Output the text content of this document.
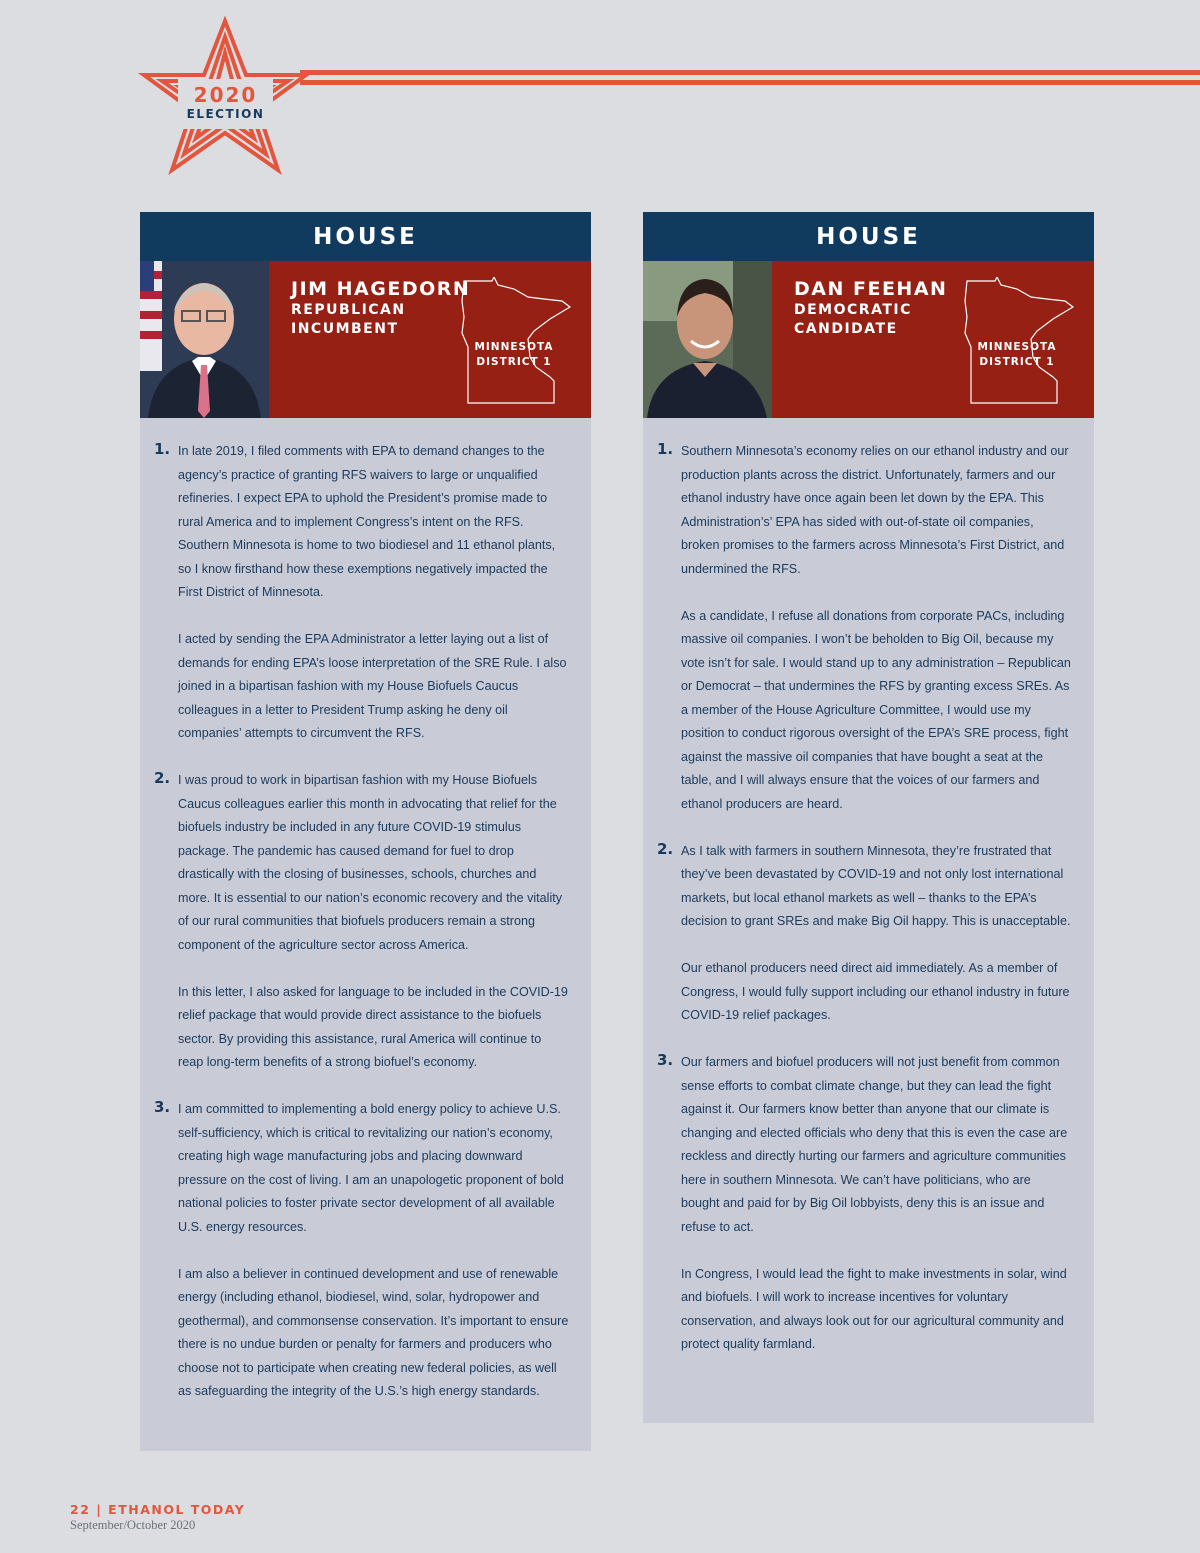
2020
ELECTION
HOUSE
JIM HAGEDORN
REPUBLICAN
INCUMBENT
MINNESOTA
DISTRICT 1
1. In late 2019, I filed comments with EPA to demand changes to the agency’s practice of granting RFS waivers to large or unqualified refineries. I expect EPA to uphold the President’s promise made to rural America and to implement Congress’s intent on the RFS. Southern Minnesota is home to two biodiesel and 11 ethanol plants, so I know firsthand how these exemptions negatively impacted the First District of Minnesota.

I acted by sending the EPA Administrator a letter laying out a list of demands for ending EPA’s loose interpretation of the SRE Rule. I also joined in a bipartisan fashion with my House Biofuels Caucus colleagues in a letter to President Trump asking he deny oil companies’ attempts to circumvent the RFS.

2. I was proud to work in bipartisan fashion with my House Biofuels Caucus colleagues earlier this month in advocating that relief for the biofuels industry be included in any future COVID-19 stimulus package. The pandemic has caused demand for fuel to drop drastically with the closing of businesses, schools, churches and more. It is essential to our nation’s economic recovery and the vitality of our rural communities that biofuels producers remain a strong component of the agriculture sector across America.

In this letter, I also asked for language to be included in the COVID-19 relief package that would provide direct assistance to the biofuels sector. By providing this assistance, rural America will continue to reap long-term benefits of a strong biofuel’s economy.

3. I am committed to implementing a bold energy policy to achieve U.S. self-sufficiency, which is critical to revitalizing our nation’s economy, creating high wage manufacturing jobs and placing downward pressure on the cost of living. I am an unapologetic proponent of bold national policies to foster private sector development of all available U.S. energy resources.

I am also a believer in continued development and use of renewable energy (including ethanol, biodiesel, wind, solar, hydropower and geothermal), and commonsense conservation. It’s important to ensure there is no undue burden or penalty for farmers and producers who choose not to participate when creating new federal policies, as well as safeguarding the integrity of the U.S.’s high energy standards.

HOUSE
DAN FEEHAN
DEMOCRATIC
CANDIDATE
MINNESOTA
DISTRICT 1
1. Southern Minnesota’s economy relies on our ethanol industry and our production plants across the district. Unfortunately, farmers and our ethanol industry have once again been let down by the EPA. This Administration’s’ EPA has sided with out-of-state oil companies, broken promises to the farmers across Minnesota’s First District, and undermined the RFS.

As a candidate, I refuse all donations from corporate PACs, including massive oil companies. I won’t be beholden to Big Oil, because my vote isn’t for sale. I would stand up to any administration – Republican or Democrat – that undermines the RFS by granting excess SREs. As a member of the House Agriculture Committee, I would use my position to conduct rigorous oversight of the EPA’s SRE process, fight against the massive oil companies that have bought a seat at the table, and I will always ensure that the voices of our farmers and ethanol producers are heard.

2. As I talk with farmers in southern Minnesota, they’re frustrated that they’ve been devastated by COVID-19 and not only lost international markets, but local ethanol markets as well – thanks to the EPA’s decision to grant SREs and make Big Oil happy. This is unacceptable.

Our ethanol producers need direct aid immediately. As a member of Congress, I would fully support including our ethanol industry in future COVID-19 relief packages.

3. Our farmers and biofuel producers will not just benefit from common sense efforts to combat climate change, but they can lead the fight against it. Our farmers know better than anyone that our climate is changing and elected officials who deny that this is even the case are reckless and directly hurting our farmers and agriculture communities here in southern Minnesota. We can’t have politicians, who are bought and paid for by Big Oil lobbyists, deny this is an issue and refuse to act.

In Congress, I would lead the fight to make investments in solar, wind and biofuels. I will work to increase incentives for voluntary conservation, and always look out for our agricultural community and protect quality farmland.

22 | ETHANOL TODAY
September/October 2020
